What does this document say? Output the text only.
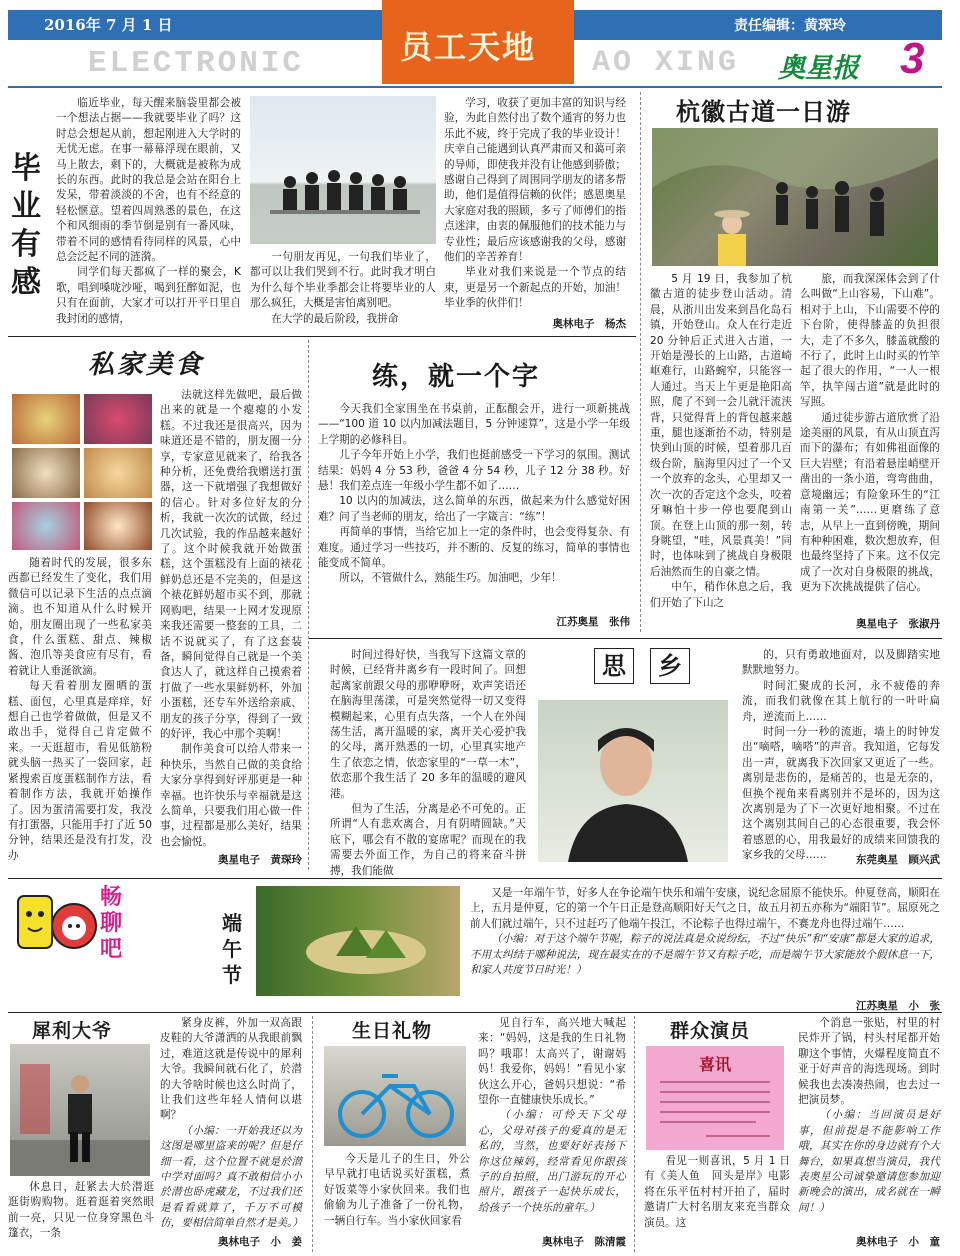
2016年 7 月 1 日	责任编辑：黄琛玲
ELECTRONIC	员工天地 AO XING 奥星报 3
毕业有感

临近毕业，每天醒来脑袋里都会被一个想法占据——我就要毕业了吗？这时总会想起从前，想起刚进入大学时的无忧无虑。在事一幕幕浮现在眼前，又马上散去，剩下的，大概就是被称为成长的东西。此时的我总是会站在阳台上发呆，带着淡淡的不舍，也有不经意的轻松惬意。望着四周熟悉的景色，在这个和风细雨的季节倒是别有一番风味，带着不同的感情看待同样的风景，心中总会泛起不同的涟漪。

同学们每天都疯了一样的聚会，K歌，唱到嗓咙沙哑，喝到狂醉如泥，也只有在面前，大家才可以打开平日里自我封闭的感情，

一句朋友再见，一句我们毕业了，都可以让我们哭到不行。此时我才明白为什么每个毕业季都会让将要毕业的人那么疯狂，大概是害怕离别吧。

在大学的最后阶段，我拼命

学习，收获了更加丰富的知识与经验，为此自然付出了数个通宵的努力也乐此不疲，终于完成了我的毕业设计！庆幸自己能遇到认真严肃而又和蔼可亲的导师，即使我并没有让他感到骄傲；感谢自己得到了周围同学朋友的诸多帮助，他们是值得信赖的伙伴；感恩奥星大家庭对我的照顾，多亏了师傅们的指点迷津，由衷的佩服他们的技术能力与专业性；最后应该感谢我的父母，感谢他们的辛苦养育！

毕业对我们来说是一个节点的结束，更是另一个新起点的开始，加油！毕业季的伙伴们！

奥林电子　杨杰
杭徽古道一日游

5 月 19 日，我参加了杭徽古道的徒步登山活动。清晨，从浙川出发来到昌化岛石镇，开始登山。众人在行走近 20 分钟后正式进入古道，一开始是漫长的上山路，古道崎岖难行，山路蜿窄，只能容一人通过。当天上午更是艳阳高照，爬了不到一会儿就汗流浃背，只觉得背上的背包越来越重，腿也逐渐抬不动，特别是快到山顶的时候，望着那几百级台阶，脑海里闪过了一个又一个放弃的念头，心里却又一次一次的否定这个念头，咬着牙嘛怕十步一停也要爬到山顶。在登上山顶的那一刻，转身眺望，“哇，风景真美！”同时，也体味到了挑战自身极限后油然而生的自豪之情。

中午，稍作休息之后，我们开始了下山之

旅，而我深深体会到了什么叫做“上山容易，下山难”。相对于上山，下山需要不停的下台阶，使得膝盖的负担很大，走了不多久，膝盖就酸的不行了，此时上山时买的竹竿起了很大的作用，“一人一根竿，执竿闯古道”就是此时的写照。

通过徒步游古道欣赏了沿途美丽的风景，有从山顶直泻而下的瀑布；有如佛祖面像的巨大岩壁；有沿着悬崖峭壁开凿出的一条小道，弯弯曲曲，意境幽远；有险象环生的“江南第一关”……更磨练了意志，从早上一直到傍晚，期间有种种困难，数次想放弃，但也最终坚持了下来。这不仅完成了一次对自身极限的挑战，更为下次挑战提供了信心。

奥星电子　张淑丹
私家美食

随着时代的发展，很多东西都已经发生了变化，我们用微信可以记录下生活的点点滴滴。也不知道从什么时候开始，朋友圈出现了一些私家美食，什么蛋糕、甜点、辣椒酱、泡爪等美食应有尽有，看着就让人垂涎欲滴。

每天看着朋友圈晒的蛋糕、面包，心里真是痒痒，好想自己也学着做做，但是又不敢出手，觉得自己肯定做不来。一天逛超市，看见低筋粉就头脑一热买了一袋回家，赶紧搜索百度蛋糕制作方法，看着制作方法，我就开始操作了。因为蛋清需要打发，我没有打蛋器，只能用手打了近 50 分钟，结果还是没有打发，没办

法就这样先做吧，最后做出来的就是一个瘪瘪的小发糕。不过我还是很高兴，因为味道还是不错的，朋友圈一分享，专家意见就来了，给我各种分析，还免费给我赠送打蛋器，这一下就增强了我想做好的信心。针对多位好友的分析，我就一次次的试做，经过几次试验，我的作品越来越好了。这个时候我就开始做蛋糕，这个蛋糕没有上面的裱花鲜奶总还是不完美的，但是这个裱花鲜奶超市买不到，那就网购吧，结果一上网才发现原来我还需要一整套的工具，二话不说就买了，有了这套装备，瞬间觉得自己就是一个美食达人了，就这样自己摸索着打做了一些水果鲜奶杯，外加小蛋糕，还专车外送给亲戚、朋友的孩子分享，得到了一致的好评，我心中那个美啊！

制作美食可以给人带来一种快乐，当然自己做的美食给大家分享得到好评那更是一种幸福。也许快乐与幸福就是这么简单，只要我们用心做一件事，过程都是那么美好，结果也会愉悦。

奥星电子　黄琛玲
练，就一个字

今天我们全家围坐在书桌前，正酝酿会开，进行一项新挑战——“100 道 10 以内加减法题目，5 分钟速算”，这是小学一年级上学期的必修科目。

儿子今年开始上小学，我们也挺前感受一下学习的氛围。测试结果：妈妈 4 分 53 秒，爸爸 4 分 54 秒，儿子 12 分 38 秒。好悬！我们差点连一年级小学生都不如了……

10 以内的加减法，这么简单的东西，做起来为什么感觉好困难？问了当老师的朋友，给出了一字箴言：“练”！

再简单的事情，当给它加上一定的条件时，也会变得复杂、有难度。通过学习一些技巧，并不断的、反复的练习，简单的事情也能变成不简单。

所以，不管做什么，熟能生巧。加油吧，少年！

江苏奥星　张伟

时间过得好快，当我写下这篇文章的时候，已经背井离乡有一段时间了。回想起离家前跟父母的那咿咿呀，欢声笑语还在脑海里荡漾，可是突然觉得一切又变得模糊起来，心里有点失落，一个人在外闯荡生活，离开温暖的家，离开关心爱护我的父母，离开熟悉的一切，心里真实地产生了依恋之情，依恋家里的“一草一木”，依恋那个我生活了 20 多年的温暖的避风港。

但为了生活，分离是必不可免的。正所谓“人有悲欢离合，月有阴晴圆缺。”天底下，哪会有不散的宴席呢？而现在的我需要去外面工作，为自己的将来奋斗拼搏，我们能做

思	乡	的，只有勇敢地面对，以及脚踏实地默默地努力。

时间汇聚成的长河，永不疲倦的奔流，而我们就像在其上航行的一叶叶扁舟，逆流而上……

时间一分一秒的流逝，墙上的时钟发出“嘀嗒，嘀嗒”的声音。我知道，它每发出一声，就离我下次回家又更近了一些。离别是悲伤的，是痛苦的，也是无奈的，但换个视角来看离别并不是坏的，因为这次离别是为了下一次更好地相聚。不过在这个离别其间自己的心态很重要，我会怀着感恩的心，用我最好的成绩来回馈我的家乡我的父母……	东莞奥星　顾兴武
畅聊吧
端午节

又是一年端午节，好多人在争论端午快乐和端午安康，说纪念屈原不能快乐。仲夏登高，顺阳在上，五月是仲夏，它的第一个午日正是登高顺阳好天气之日，故五月初五亦称为“端阳节”。屈原死之前人们就过端午，只不过赶巧了他端午投江，不论粽子也得过端午，不赛龙舟也得过端午……

（小编：对于这个端午节呢，粽子的说法真是众说纷纭，不过“快乐”和“安康”都是大家的追求，不用太纠结于哪种说法，现在最实在的不是端午节又有粽子吃，而是端午节大家能放个假休息一下，和家人共度节日时光！）

江苏奥星　小　张
犀利大爷

休息日，赶紧去大於潜逛逛街购购物。逛着逛着突然眼前一亮，只见一位身穿黑色斗篷衣，一条

紧身皮裤，外加一双高跟皮鞋的大爷潇洒的从我眼前飘过，难道这就是传说中的犀利大爷。我瞬间就石化了，於潜的大爷啥时候也这么时尚了，让我们这些年轻人情何以堪啊？

（小编：一开始我还以为这图是哪里盗来的呢？但是仔细一看，这个位置不就是於潜中学对面吗？真不敢相信小小於潜也卧虎藏龙，不过我们还是看看就算了，千万不可模仿，要相信简单自然才是美。）

奥林电子　小　姜
生日礼物

今天是儿子的生日，外公早早就打电话说买好蛋糕，煮好饭菜等小家伙回来。我们也偷偷为儿子准备了一份礼物，一辆自行车。当小家伙回家看

见自行车，高兴地大喊起来：“妈妈，这是我的生日礼物吗？哦耶！太高兴了，谢谢妈妈！我爱你，妈妈！”看见小家伙这么开心，爸妈只想说：“希望你一直健康快乐成长。”

（小编：可怜天下父母心，父母对孩子的爱真的是无私的，当然，也要好好表扬下你这位辣妈，经常看见你跟孩子的自拍照，出门游玩的开心照片，跟孩子一起快乐成长，给孩子一个快乐的童年。）

奥林电子　陈清霞
群众演员
喜讯

看见一则喜讯，5 月 1 日有《美人鱼　回头是岸》电影将在乐平伍村村开拍了，届时邀请广大村名朋友来充当群众演员。这

个消息一张贴，村里的村民炸开了锅，村头村尾都开始聊这个事情，火爆程度简直不亚于好声音的海选现场。到时候我也去凑凑热闹，也去过一把演员梦。

（小编：当回演员是好事，但前提是不能影响工作哦，其实在你的身边就有个大舞台，如果真想当演员，我代表奥星公司诚挚邀请您参加迎新晚会的演出，成名就在一瞬间！）

奥林电子　小　童
